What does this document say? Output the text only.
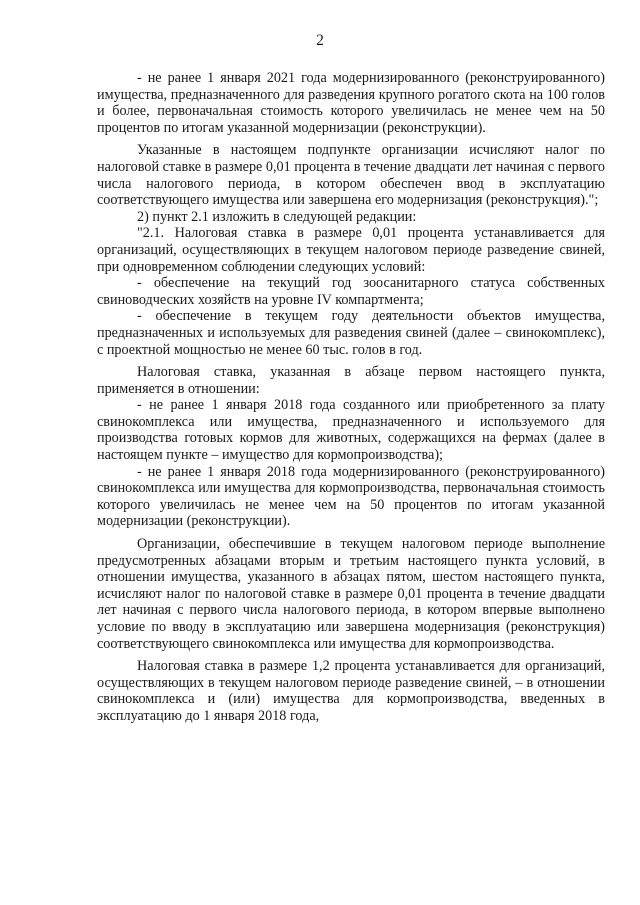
2

- не ранее 1 января 2021 года модернизированного (реконструированного) имущества, предназначенного для разведения крупного рогатого скота на 100 голов и более, первоначальная стоимость которого увеличилась не менее чем на 50 процентов по итогам указанной модернизации (реконструкции).

Указанные в настоящем подпункте организации исчисляют налог по налоговой ставке в размере 0,01 процента в течение двадцати лет начиная с первого числа налогового периода, в котором обеспечен ввод в эксплуатацию соответствующего имущества или завершена его модернизация (реконструкция).";

2) пункт 2.1 изложить в следующей редакции:

"2.1. Налоговая ставка в размере 0,01 процента устанавливается для организаций, осуществляющих в текущем налоговом периоде разведение свиней, при одновременном соблюдении следующих условий:

- обеспечение на текущий год зоосанитарного статуса собственных свиноводческих хозяйств на уровне IV компартмента;

- обеспечение в текущем году деятельности объектов имущества, предназначенных и используемых для разведения свиней (далее – свинокомплекс), с проектной мощностью не менее 60 тыс. голов в год.

Налоговая ставка, указанная в абзаце первом настоящего пункта, применяется в отношении:

- не ранее 1 января 2018 года созданного или приобретенного за плату свинокомплекса или имущества, предназначенного и используемого для производства готовых кормов для животных, содержащихся на фермах (далее в настоящем пункте – имущество для кормопроизводства);

- не ранее 1 января 2018 года модернизированного (реконструированного) свинокомплекса или имущества для кормопроизводства, первоначальная стоимость которого увеличилась не менее чем на 50 процентов по итогам указанной модернизации (реконструкции).

Организации, обеспечившие в текущем налоговом периоде выполнение предусмотренных абзацами вторым и третьим настоящего пункта условий, в отношении имущества, указанного в абзацах пятом, шестом настоящего пункта, исчисляют налог по налоговой ставке в размере 0,01 процента в течение двадцати лет начиная с первого числа налогового периода, в котором впервые выполнено условие по вводу в эксплуатацию или завершена модернизация (реконструкция) соответствующего свинокомплекса или имущества для кормопроизводства.

Налоговая ставка в размере 1,2 процента устанавливается для организаций, осуществляющих в текущем налоговом периоде разведение свиней, – в отношении свинокомплекса и (или) имущества для кормопроизводства, введенных в эксплуатацию до 1 января 2018 года,
